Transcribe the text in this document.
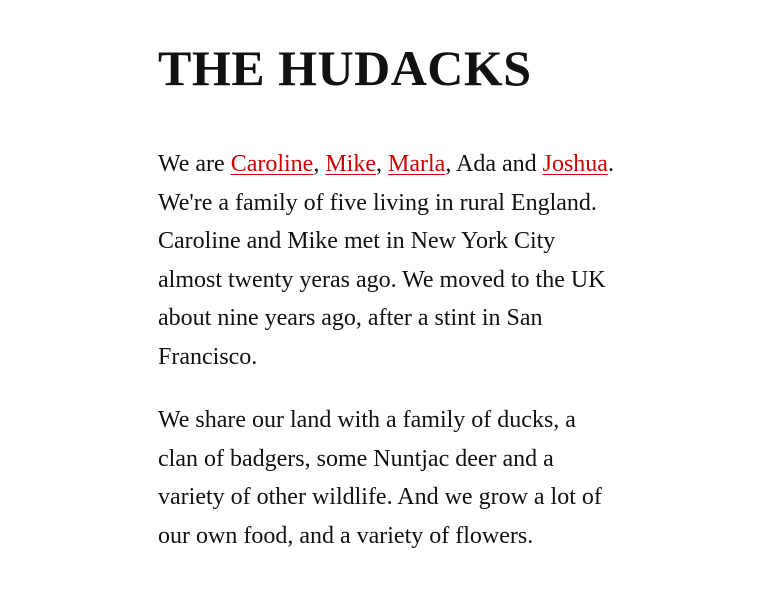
THE HUDACKS

We are Caroline, Mike, Marla, Ada and Joshua. We're a family of five living in rural England. Caroline and Mike met in New York City almost twenty yeras ago. We moved to the UK about nine years ago, after a stint in San Francisco.

We share our land with a family of ducks, a clan of badgers, some Nuntjac deer and a variety of other wildlife. And we grow a lot of our own food, and a variety of flowers.
